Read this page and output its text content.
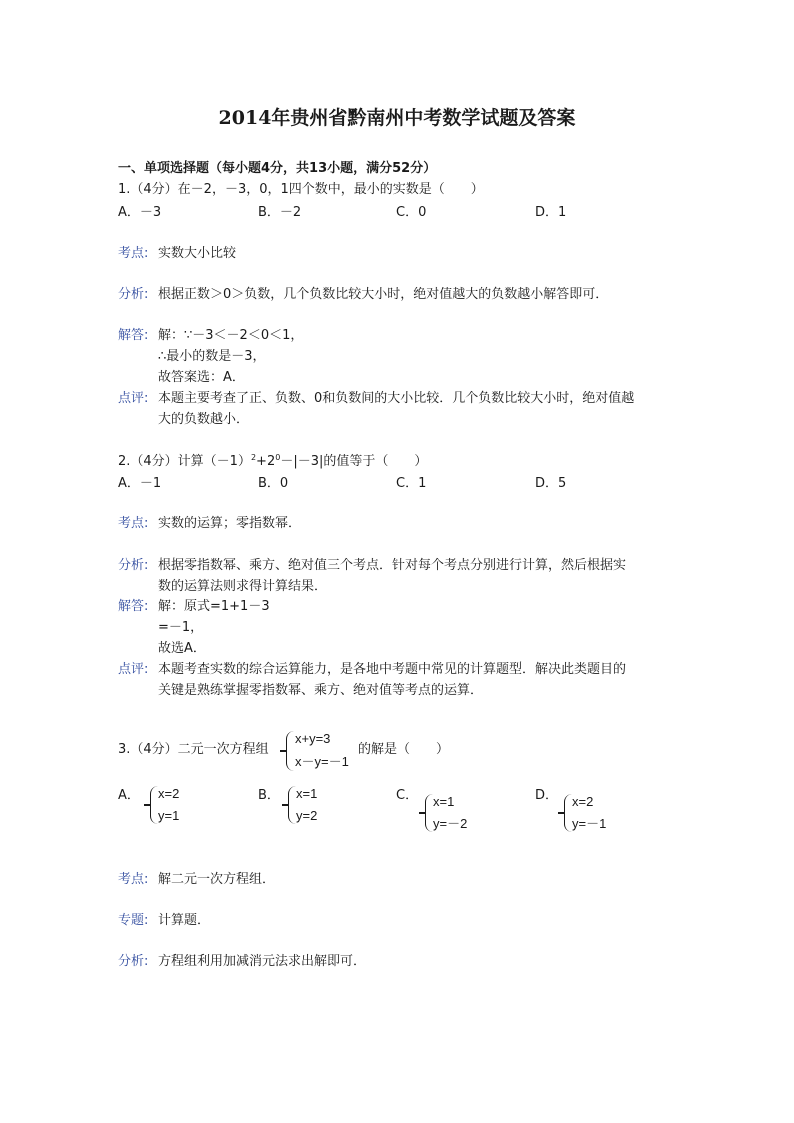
2014年贵州省黔南州中考数学试题及答案
一、单项选择题（每小题4分，共13小题，满分52分）
1.（4分）在－2，－3，0，1四个数中，最小的实数是（　　）
A．－3	B．－2	C．0	D．1
考点: 实数大小比较
分析: 根据正数＞0＞负数，几个负数比较大小时，绝对值越大的负数越小解答即可．
解答: 解：∵－3＜－2＜0＜1，
∴最小的数是－3，
故答案选：A．
点评: 本题主要考查了正、负数、0和负数间的大小比较．几个负数比较大小时，绝对值越
大的负数越小．
2.（4分）计算$(-1)^2+2^0-|-3|$的值等于（　　）
A．－1	B．0	C．1	D．5
考点: 实数的运算；零指数幂．
分析: 根据零指数幂、乘方、绝对值三个考点．针对每个考点分别进行计算，然后根据实
数的运算法则求得计算结果．
解答: 解：原式=1+1－3
=－1，
故选A．
点评: 本题考查实数的综合运算能力，是各地中考题中常见的计算题型．解决此类题目的
关键是熟练掌握零指数幂、乘方、绝对值等考点的运算．
3.（4分）二元一次方程组
x+y=3
x－y=－1
的解是（　　）
A． x=2
y=1
B． x=1
y=2
C． x=1
y=－2
D． x=2
y=－1
考点: 解二元一次方程组．
专题: 计算题．
分析: 方程组利用加减消元法求出解即可．
